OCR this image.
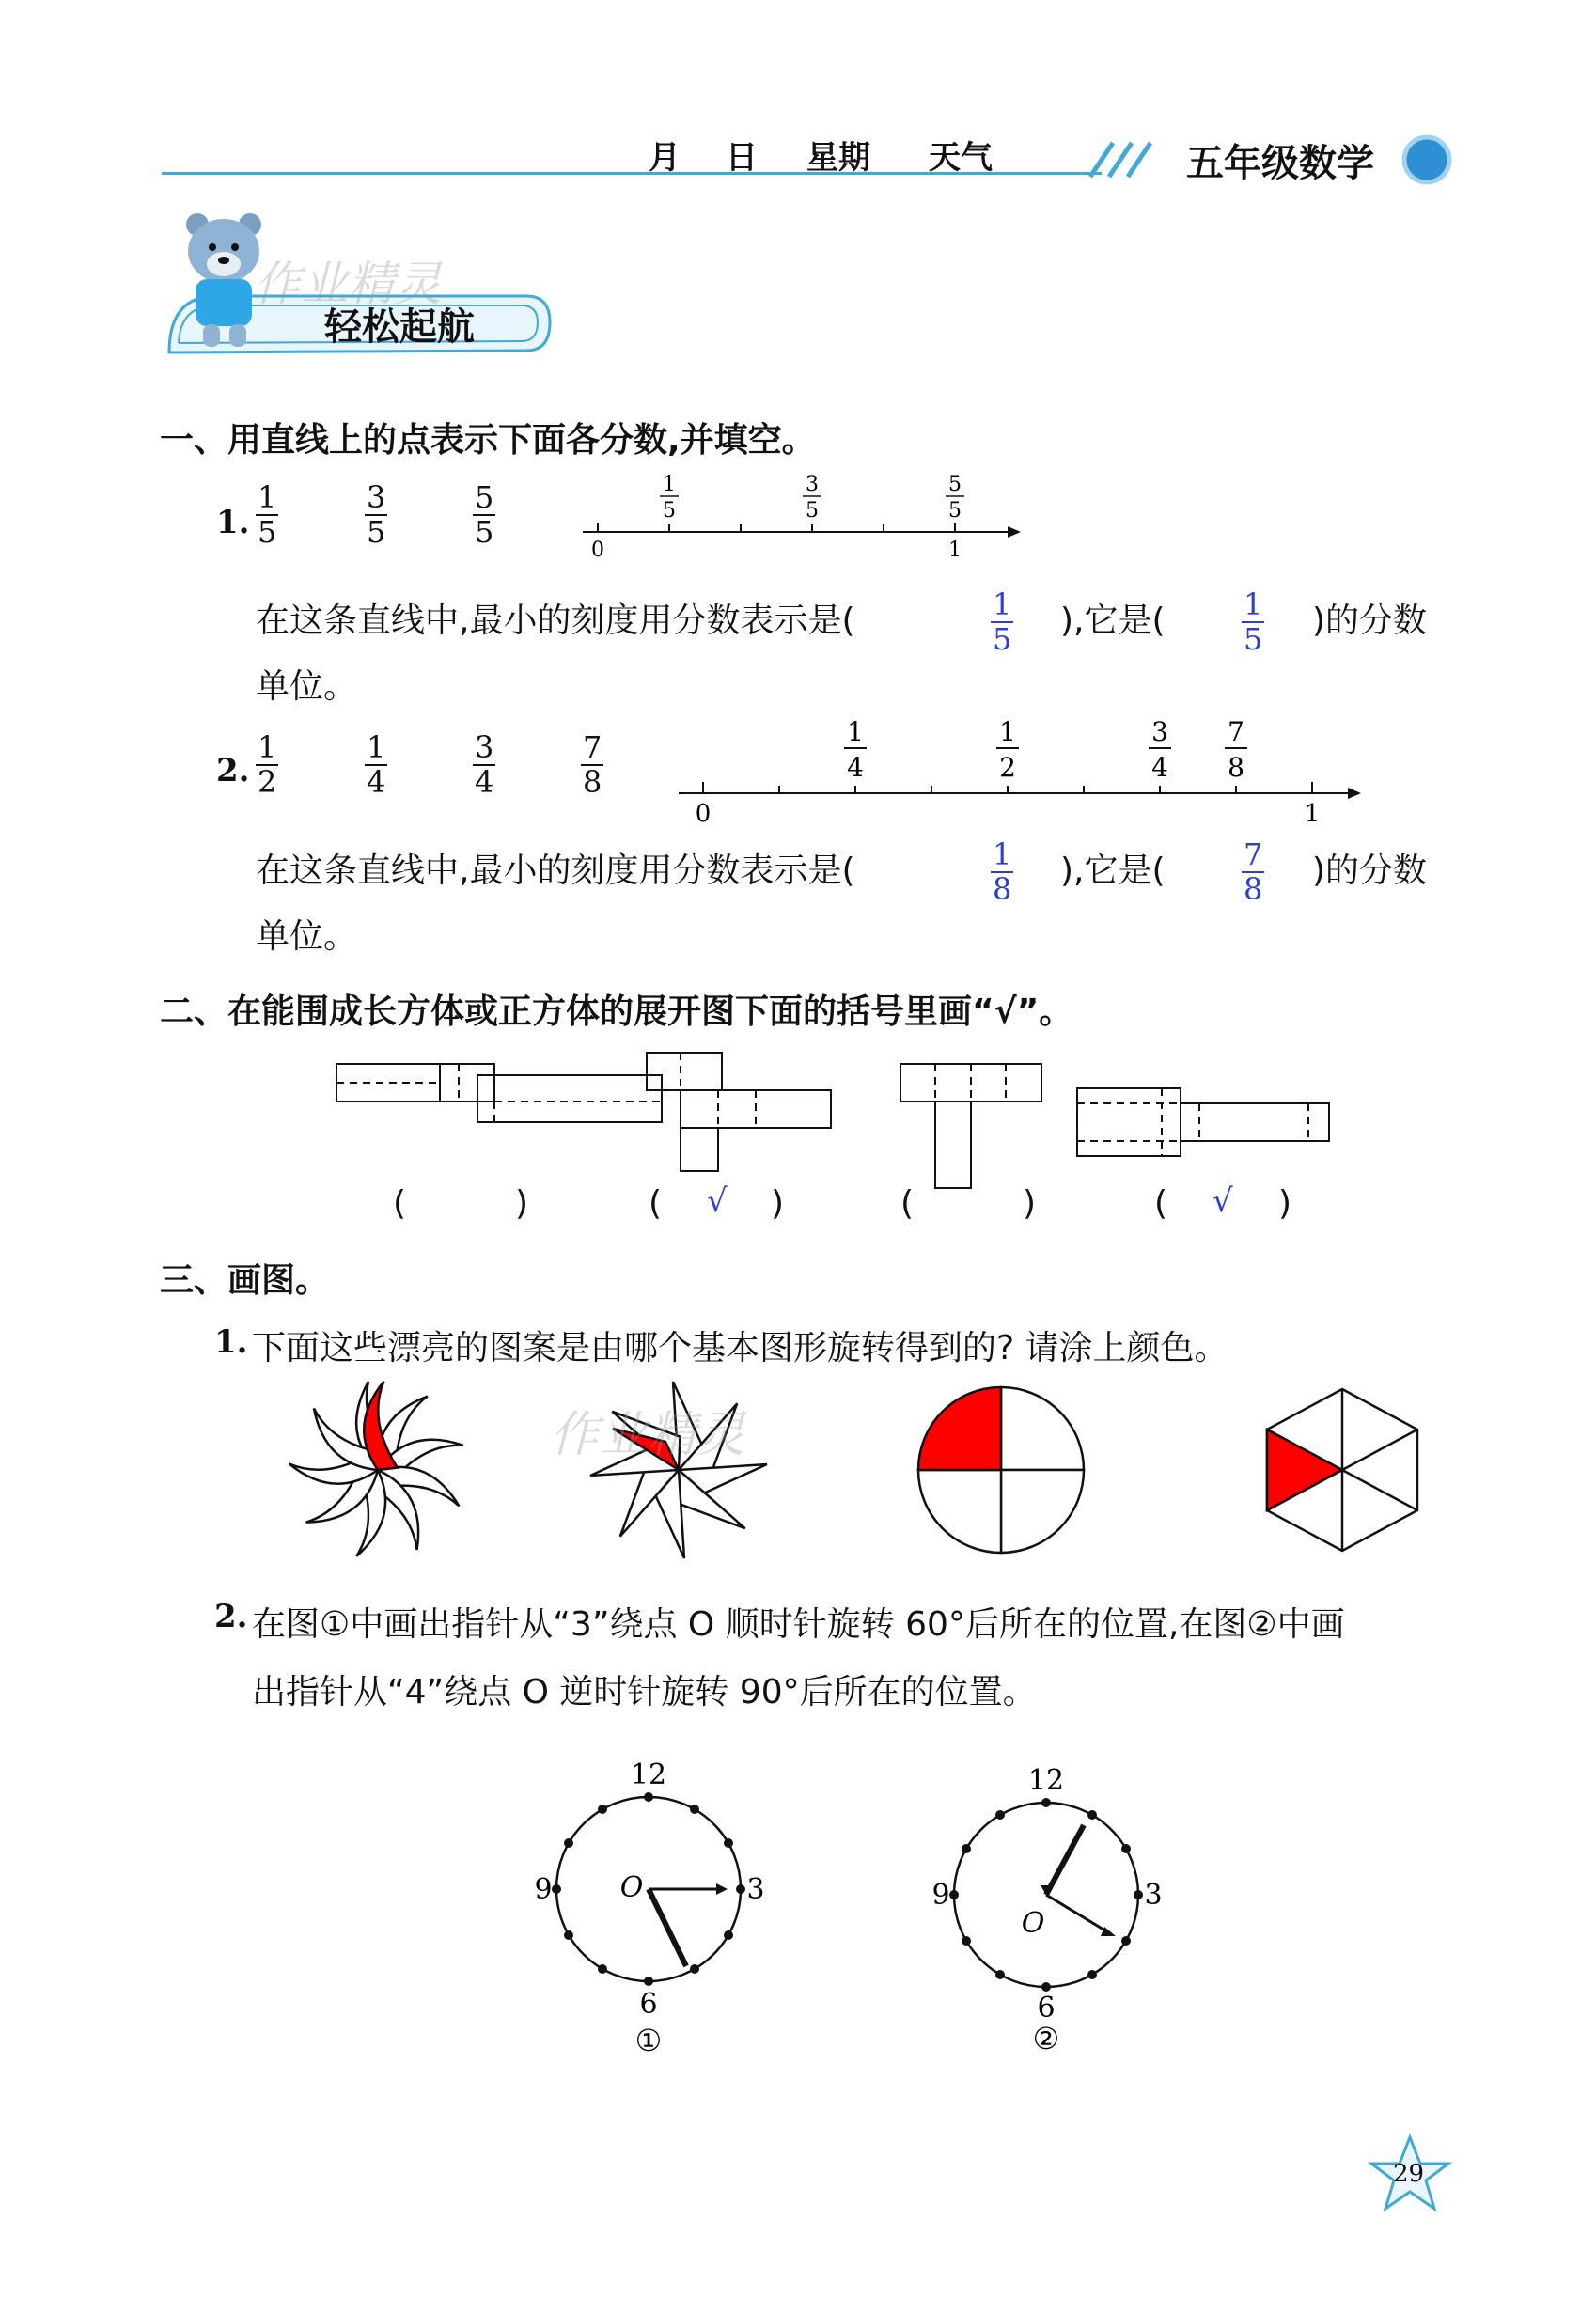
月 日 星期 天气	五年级数学
作业精灵
轻松起航
一、用直线上的点表示下面各分数,并填空。
1.
1
5
3
5
5
5
0	1
1
5
3
5
5
5
在这条直线中,最小的刻度用分数表示是(	1
5 ),它是(	1
5 )的分数
单位。
2.
1
2
1
4
3
4
7
8
0	1
1
4
1
2
3
4
7
8
在这条直线中,最小的刻度用分数表示是(	1
8 ),它是(	7
8 )的分数
单位。
二、在能围成长方体或正方体的展开图下面的括号里画“√”。
(	)	( √ )	(	)	( √ )
三、画图。
1. 下面这些漂亮的图案是由哪个基本图形旋转得到的? 请涂上颜色。
作业精灵
2. 在图①中画出指针从“3”绕点 O 顺时针旋转 60°后所在的位置,在图②中画
出指针从“4”绕点 O 逆时针旋转 90°后所在的位置。
12
3
6
9 O
①
12
3
6
9
O
②
29
